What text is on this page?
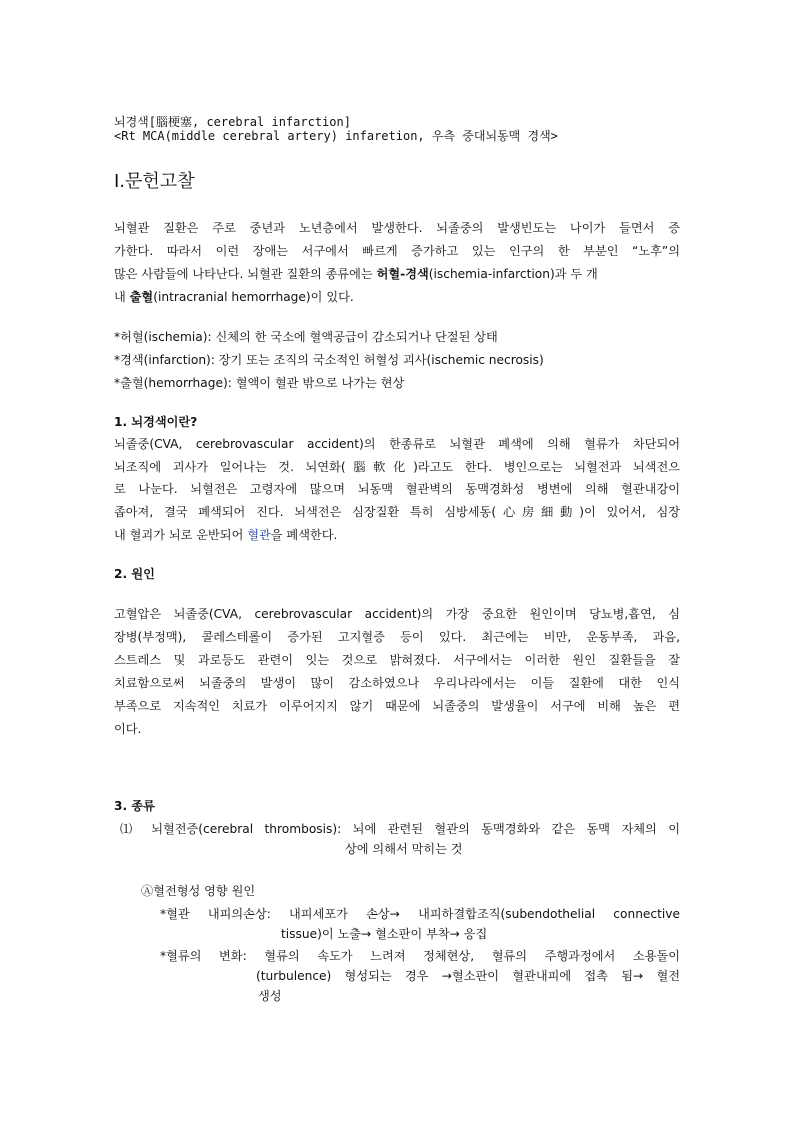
뇌경색[腦梗塞, cerebral infarction]
<Rt MCA(middle cerebral artery) infaretion, 우측 중대뇌동맥 경색>
Ⅰ.문헌고찰
뇌혈관 질환은 주로 중년과 노년층에서 발생한다. 뇌졸중의 발생빈도는 나이가 들면서 증
가한다. 따라서 이런 장애는 서구에서 빠르게 증가하고 있는 인구의 한 부분인 “노후”의
많은 사람들에 나타난다. 뇌혈관 질환의 종류에는 허혈-경색(ischemia-infarction)과 두 개
내 출혈(intracranial hemorrhage)이 있다.
*허혈(ischemia): 신체의 한 국소에 혈액공급이 감소되거나 단절된 상태
*경색(infarction): 장기 또는 조직의 국소적인 허혈성 괴사(ischemic necrosis)
*출혈(hemorrhage): 혈액이 혈관 밖으로 나가는 현상
1. 뇌경색이란?
뇌졸중(CVA, cerebrovascular accident)의 한종류로 뇌혈관 폐색에 의해 혈류가 차단되어
뇌조직에 괴사가 일어나는 것. 뇌연화(腦軟化)라고도 한다. 병인으로는 뇌혈전과 뇌색전으
로 나눈다. 뇌혈전은 고령자에 많으며 뇌동맥 혈관벽의 동맥경화성 병변에 의해 혈관내강이
좁아져, 결국 폐색되어 진다. 뇌색전은 심장질환 특히 심방세동(心房細動)이 있어서, 심장
내 혈괴가 뇌로 운반되어 혈관을 폐색한다.
2. 원인
고혈압은 뇌졸중(CVA, cerebrovascular accident)의 가장 중요한 원인이며 당뇨병,흡연, 심
장병(부정맥), 콜레스테롤이 증가된 고지혈증 등이 있다. 최근에는 비만, 운동부족, 과음,
스트레스 및 과로등도 관련이 잇는 것으로 밝혀졌다. 서구에서는 이러한 원인 질환들을 잘
치료함으로써 뇌졸중의 발생이 많이 감소하였으나 우리나라에서는 이들 질환에 대한 인식
부족으로 지속적인 치료가 이루어지지 않기 때문에 뇌졸중의 발생율이 서구에 비해 높은 편
이다.
3. 종류
⑴ 뇌혈전증(cerebral thrombosis): 뇌에 관련된 혈관의 동맥경화와 같은 동맥 자체의 이
상에 의해서 막히는 것
Ⓐ혈전형성 영향 원인
*혈관 내피의손상: 내피세포가 손상→ 내피하결합조직(subendothelial connective
tissue)이 노출→ 혈소판이 부착→ 응집
*혈류의 변화: 혈류의 속도가 느려져 정체현상, 혈류의 주행과정에서 소용돌이
(turbulence) 형성되는 경우 →혈소판이 혈관내피에 접촉 됨→ 혈전
생성
